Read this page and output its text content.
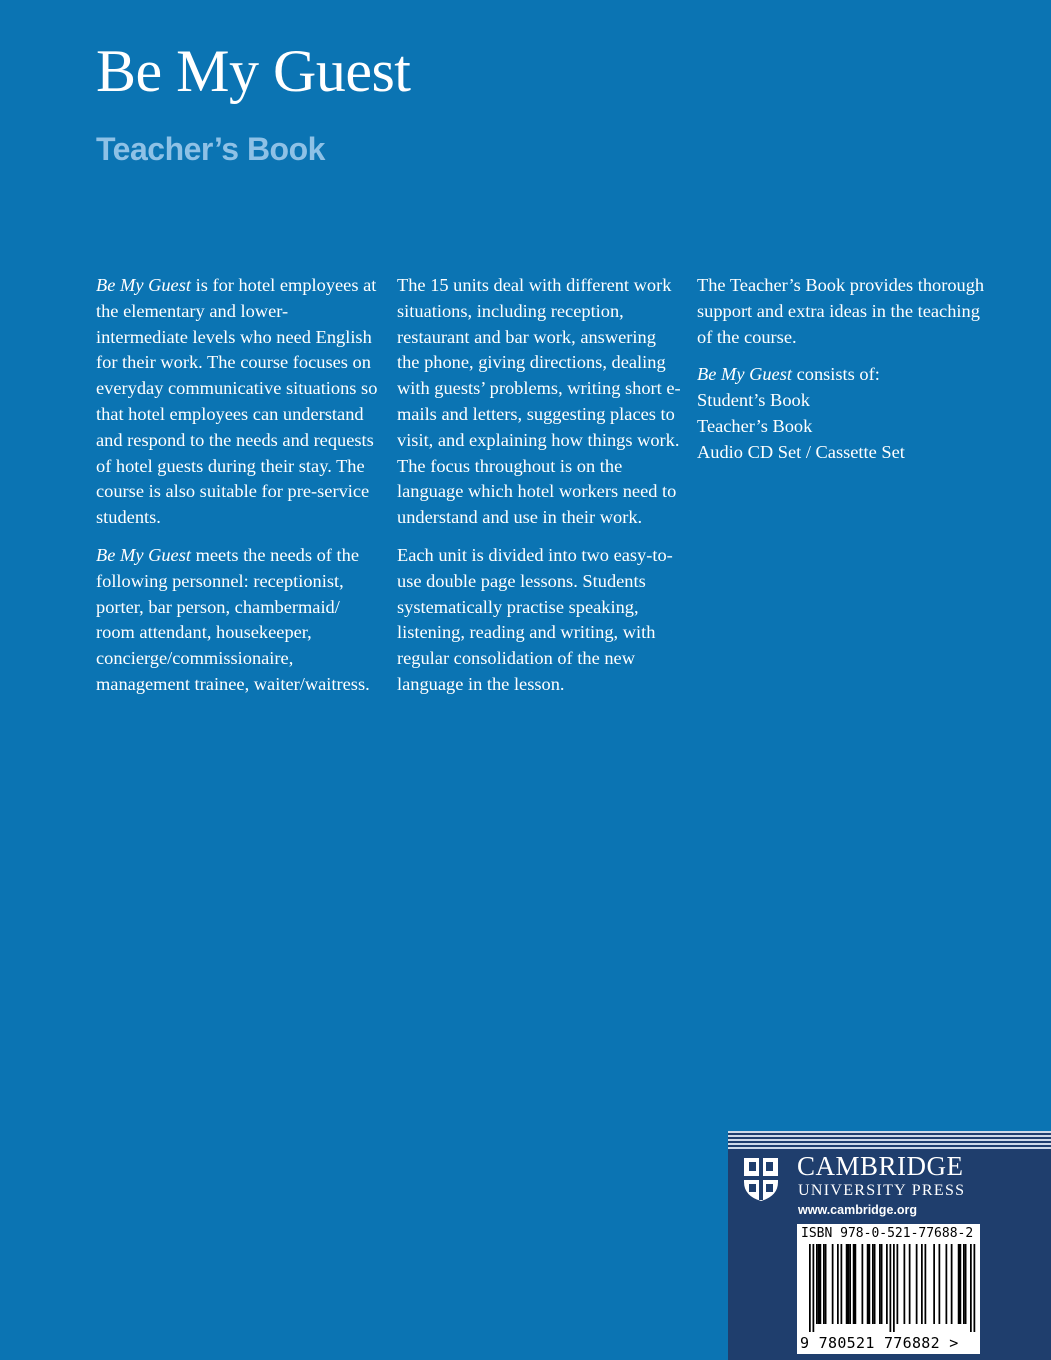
Be My Guest
Teacher’s Book

Be My Guest is for hotel employees at the elementary and lower-intermediate levels who need English for their work. The course focuses on everyday communicative situations so that hotel employees can understand and respond to the needs and requests of hotel guests during their stay. The course is also suitable for pre-service students.

Be My Guest meets the needs of the following personnel: receptionist, porter, bar person, chambermaid/ room attendant, housekeeper, concierge/commissionaire, management trainee, waiter/waitress.

The 15 units deal with different work situations, including reception, restaurant and bar work, answering the phone, giving directions, dealing with guests’ problems, writing short e-mails and letters, suggesting places to visit, and explaining how things work. The focus throughout is on the language which hotel workers need to understand and use in their work.

Each unit is divided into two easy-to-use double page lessons. Students systematically practise speaking, listening, reading and writing, with regular consolidation of the new language in the lesson.

The Teacher’s Book provides thorough support and extra ideas in the teaching of the course.

Be My Guest consists of:
Student’s Book
Teacher’s Book
Audio CD Set / Cassette Set

CAMBRIDGE
UNIVERSITY PRESS
www.cambridge.org
ISBN 978-0-521-77688-2
9 780521 776882 >
